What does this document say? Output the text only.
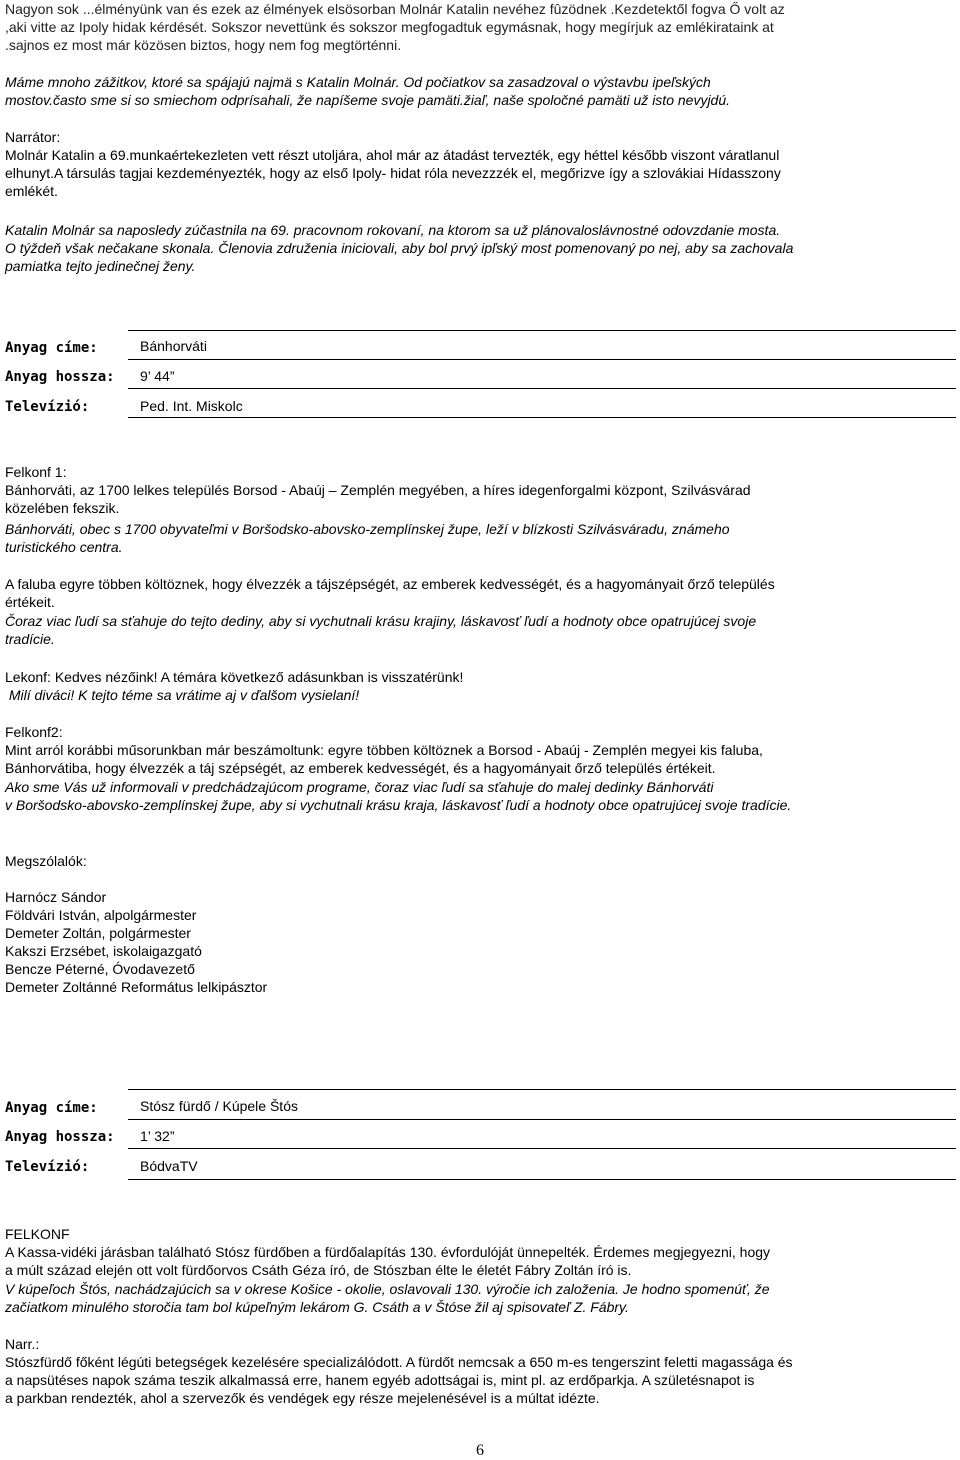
Nagyon sok ...élményünk van és ezek az élmények elsösorban Molnár Katalin nevéhez fûzödnek .Kezdetektől fogva Ő volt az

,aki vitte az Ipoly hidak kérdését. Sokszor nevettünk és sokszor megfogadtuk egymásnak, hogy megírjuk az emlékirataink at

.sajnos ez most már közösen biztos, hogy nem fog megtörténni.

Máme mnoho zážitkov, ktoré sa spájajú najmä s Katalin Molnár. Od počiatkov sa zasadzoval o výstavbu ipeľských

mostov.často sme si so smiechom odprísahali, že napíšeme svoje pamäti.žiaľ, naše spoločné pamäti už isto nevyjdú.

Narrátor:

Molnár Katalin a 69.munkaértekezleten vett részt utoljára, ahol már az átadást tervezték, egy héttel később viszont váratlanul

elhunyt.A társulás tagjai kezdeményezték, hogy az első Ipoly- hidat róla nevezzzék el, megőrizve így a szlovákiai Hídasszony

emlékét.

Katalin Molnár sa naposledy zúčastnila na 69. pracovnom rokovaní, na ktorom sa už plánovaloslávnostné odovzdanie mosta.

O týždeň však nečakane skonala. Členovia združenia iniciovali, aby bol prvý ipľský most pomenovaný po nej, aby sa zachovala

pamiatka tejto jedinečnej ženy.

Anyag címe:	Bánhorváti
Anyag hossza: 9’ 44”
Televízió:	Ped. Int. Miskolc

Felkonf 1:

Bánhorváti, az 1700 lelkes település Borsod - Abaúj – Zemplén megyében, a híres idegenforgalmi központ, Szilvásvárad

közelében fekszik.

Bánhorváti, obec s 1700 obyvateľmi v Boršodsko-abovsko-zemplínskej župe, leží v blízkosti Szilvásváradu, známeho

turistického centra.

A faluba egyre többen költöznek, hogy élvezzék a tájszépségét, az emberek kedvességét, és a hagyományait őrző település

értékeit.

Čoraz viac ľudí sa sťahuje do tejto dediny, aby si vychutnali krásu krajiny, láskavosť ľudí a hodnoty obce opatrujúcej svoje

tradície.

Lekonf: Kedves nézőink! A témára következő adásunkban is visszatérünk!

Milí diváci! K tejto téme sa vrátime aj v ďalšom vysielaní!

Felkonf2:

Mint arról korábbi műsorunkban már beszámoltunk: egyre többen költöznek a Borsod - Abaúj - Zemplén megyei kis faluba,

Bánhorvátiba, hogy élvezzék a táj szépségét, az emberek kedvességét, és a hagyományait őrző település értékeit.

Ako sme Vás už informovali v predchádzajúcom programe, čoraz viac ľudí sa sťahuje do malej dedinky Bánhorváti

v Boršodsko-abovsko-zemplínskej župe, aby si vychutnali krásu kraja, láskavosť ľudí a hodnoty obce opatrujúcej svoje tradície.

Megszólalók:

Harnócz Sándor

Földvári István, alpolgármester

Demeter Zoltán, polgármester

Kakszi Erzsébet, iskolaigazgató

Bencze Péterné, Óvodavezető

Demeter Zoltánné Református lelkipásztor

Anyag címe:	Stósz fürdő / Kúpele Štós
Anyag hossza: 1’ 32”
Televízió:	BódvaTV

FELKONF

A Kassa-vidéki járásban található Stósz fürdőben a fürdőalapítás 130. évfordulóját ünnepelték. Érdemes megjegyezni, hogy

a múlt század elején ott volt fürdőorvos Csáth Géza író, de Stószban élte le életét Fábry Zoltán író is.

V kúpeľoch Štós, nachádzajúcich sa v okrese Košice - okolie, oslavovali 130. výročie ich založenia. Je hodno spomenúť, že

začiatkom minulého storočia tam bol kúpeľným lekárom G. Csáth a v Štóse žil aj spisovateľ Z. Fábry.

Narr.:

Stószfürdő főként légúti betegségek kezelésére specializálódott. A fürdőt nemcsak a 650 m-es tengerszint feletti magassága és

a napsütéses napok száma teszik alkalmassá erre, hanem egyéb adottságai is, mint pl. az erdőparkja. A születésnapot is

a parkban rendezték, ahol a szervezők és vendégek egy része mejelenésével is a múltat idézte.

6
